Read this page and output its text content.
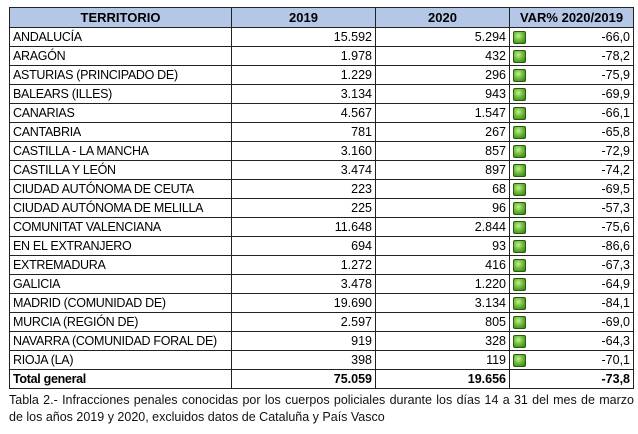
TERRITORIO	2019	2020	VAR% 2020/2019
ANDALUCÍA	15.592	5.294	-66,0
ARAGÓN	1.978	432	-78,2
ASTURIAS (PRINCIPADO DE)	1.229	296	-75,9
BALEARS (ILLES)	3.134	943	-69,9
CANARIAS	4.567	1.547	-66,1
CANTABRIA	781	267	-65,8
CASTILLA - LA MANCHA	3.160	857	-72,9
CASTILLA Y LEÓN	3.474	897	-74,2
CIUDAD AUTÓNOMA DE CEUTA	223	68	-69,5
CIUDAD AUTÓNOMA DE MELILLA	225	96	-57,3
COMUNITAT VALENCIANA	11.648	2.844	-75,6
EN EL EXTRANJERO	694	93	-86,6
EXTREMADURA	1.272	416	-67,3
GALICIA	3.478	1.220	-64,9
MADRID (COMUNIDAD DE)	19.690	3.134	-84,1
MURCIA (REGIÓN DE)	2.597	805	-69,0
NAVARRA (COMUNIDAD FORAL DE)	919	328	-64,3
RIOJA (LA)	398	119	-70,1
Total general	75.059	19.656	-73,8
Tabla 2.- Infracciones penales conocidas por los cuerpos policiales durante los días 14 a 31 del mes de marzo de los años 2019 y 2020, excluidos datos de Cataluña y País Vasco
